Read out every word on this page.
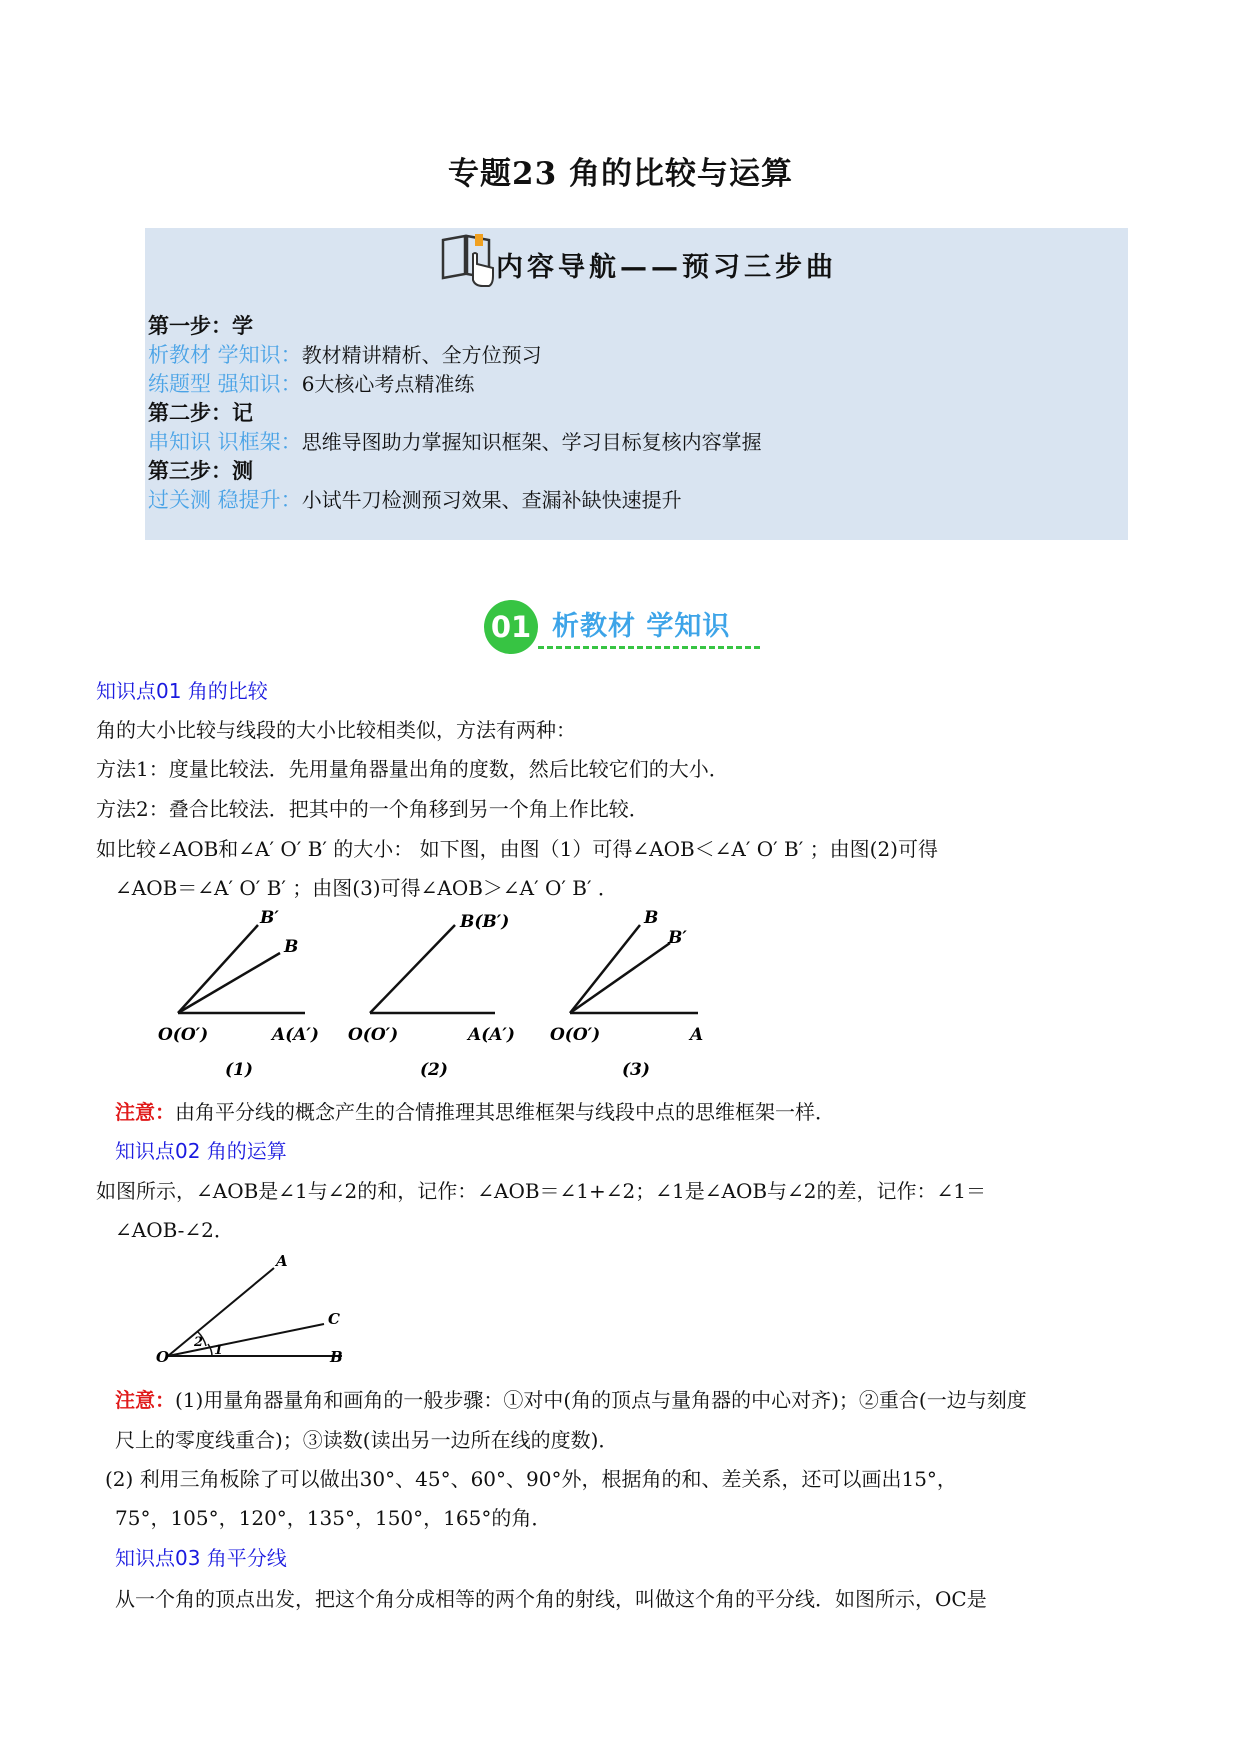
专题23 角的比较与运算
内容导航——预习三步曲
第一步：学
析教材 学知识：教材精讲精析、全方位预习
练题型 强知识：6大核心考点精准练
第二步：记
串知识 识框架：思维导图助力掌握知识框架、学习目标复核内容掌握
第三步：测
过关测 稳提升：小试牛刀检测预习效果、查漏补缺快速提升
01 析教材 学知识
知识点01 角的比较
角的大小比较与线段的大小比较相类似，方法有两种：
方法1：度量比较法．先用量角器量出角的度数，然后比较它们的大小．
方法2：叠合比较法．把其中的一个角移到另一个角上作比较．
如比较∠AOB和∠A′ O′ B′ 的大小： 如下图，由图（1）可得∠AOB＜∠A′ O′ B′ ；由图(2)可得
∠AOB＝∠A′ O′ B′ ；由图(3)可得∠AOB＞∠A′ O′ B′ ．
B′
B
O(O′)	A(A′)
(1)
B(B′)
O(O′)	A(A′)
(2)
B
B′
O(O′)	A
(3)
注意：由角平分线的概念产生的合情推理其思维框架与线段中点的思维框架一样．
知识点02 角的运算
如图所示，∠AOB是∠1与∠2的和，记作：∠AOB＝∠1+∠2；∠1是∠AOB与∠2的差，记作：∠1＝
∠AOB-∠2．
A
C
O
2
1	B
注意：(1)用量角器量角和画角的一般步骤：①对中(角的顶点与量角器的中心对齐)；②重合(一边与刻度
尺上的零度线重合)；③读数(读出另一边所在线的度数)．
(2) 利用三角板除了可以做出30°、45°、60°、90°外，根据角的和、差关系，还可以画出15°，
75°，105°，120°，135°，150°，165°的角．
知识点03 角平分线
从一个角的顶点出发，把这个角分成相等的两个角的射线，叫做这个角的平分线．如图所示，OC是
